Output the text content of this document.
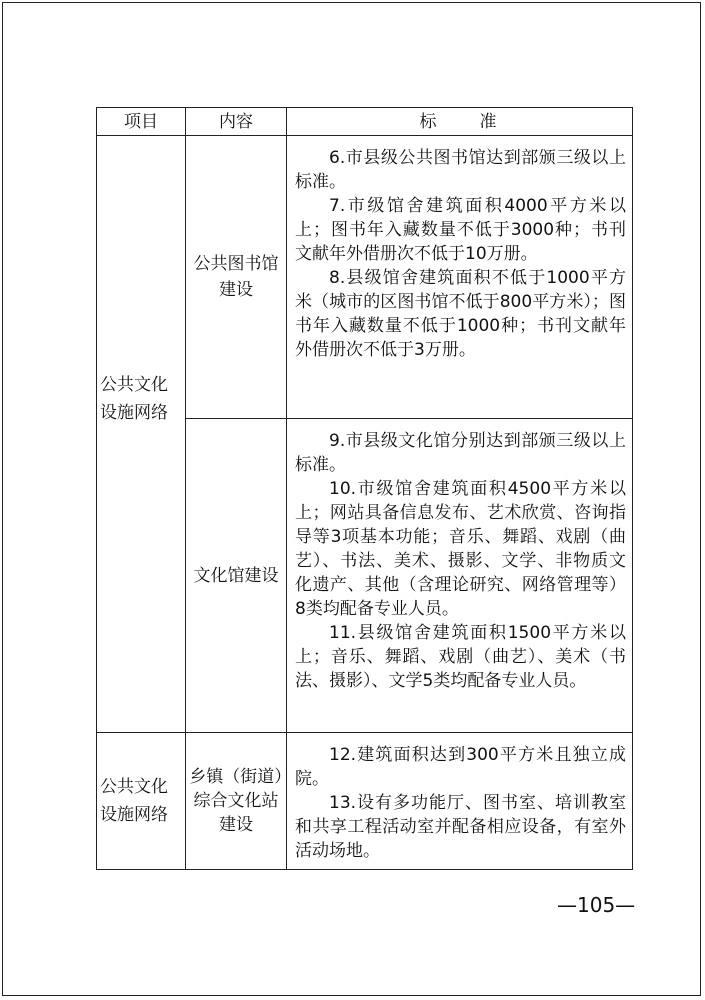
项目	内容	标 准

公共文化设施网络	公共图书馆建设	6.市县级公共图书馆达到部颁三级以上标准。

7.市级馆舍建筑面积4000平方米以上；图书年入藏数量不低于3000种；书刊文献年外借册次不低于10万册。

8.县级馆舍建筑面积不低于1000平方米（城市的区图书馆不低于800平方米）；图书年入藏数量不低于1000种；书刊文献年外借册次不低于3万册。

	文化馆建设	9.市县级文化馆分别达到部颁三级以上标准。

10.市级馆舍建筑面积4500平方米以上；网站具备信息发布、艺术欣赏、咨询指导等3项基本功能；音乐、舞蹈、戏剧（曲艺）、书法、美术、摄影、文学、非物质文化遗产、其他（含理论研究、网络管理等）8类均配备专业人员。

11.县级馆舍建筑面积1500平方米以上；音乐、舞蹈、戏剧（曲艺）、美术（书法、摄影）、文学5类均配备专业人员。

公共文化设施网络	乡镇（街道）综合文化站建设	12.建筑面积达到300平方米且独立成院。

13.设有多功能厅、图书室、培训教室和共享工程活动室并配备相应设备，有室外活动场地。

—105—
